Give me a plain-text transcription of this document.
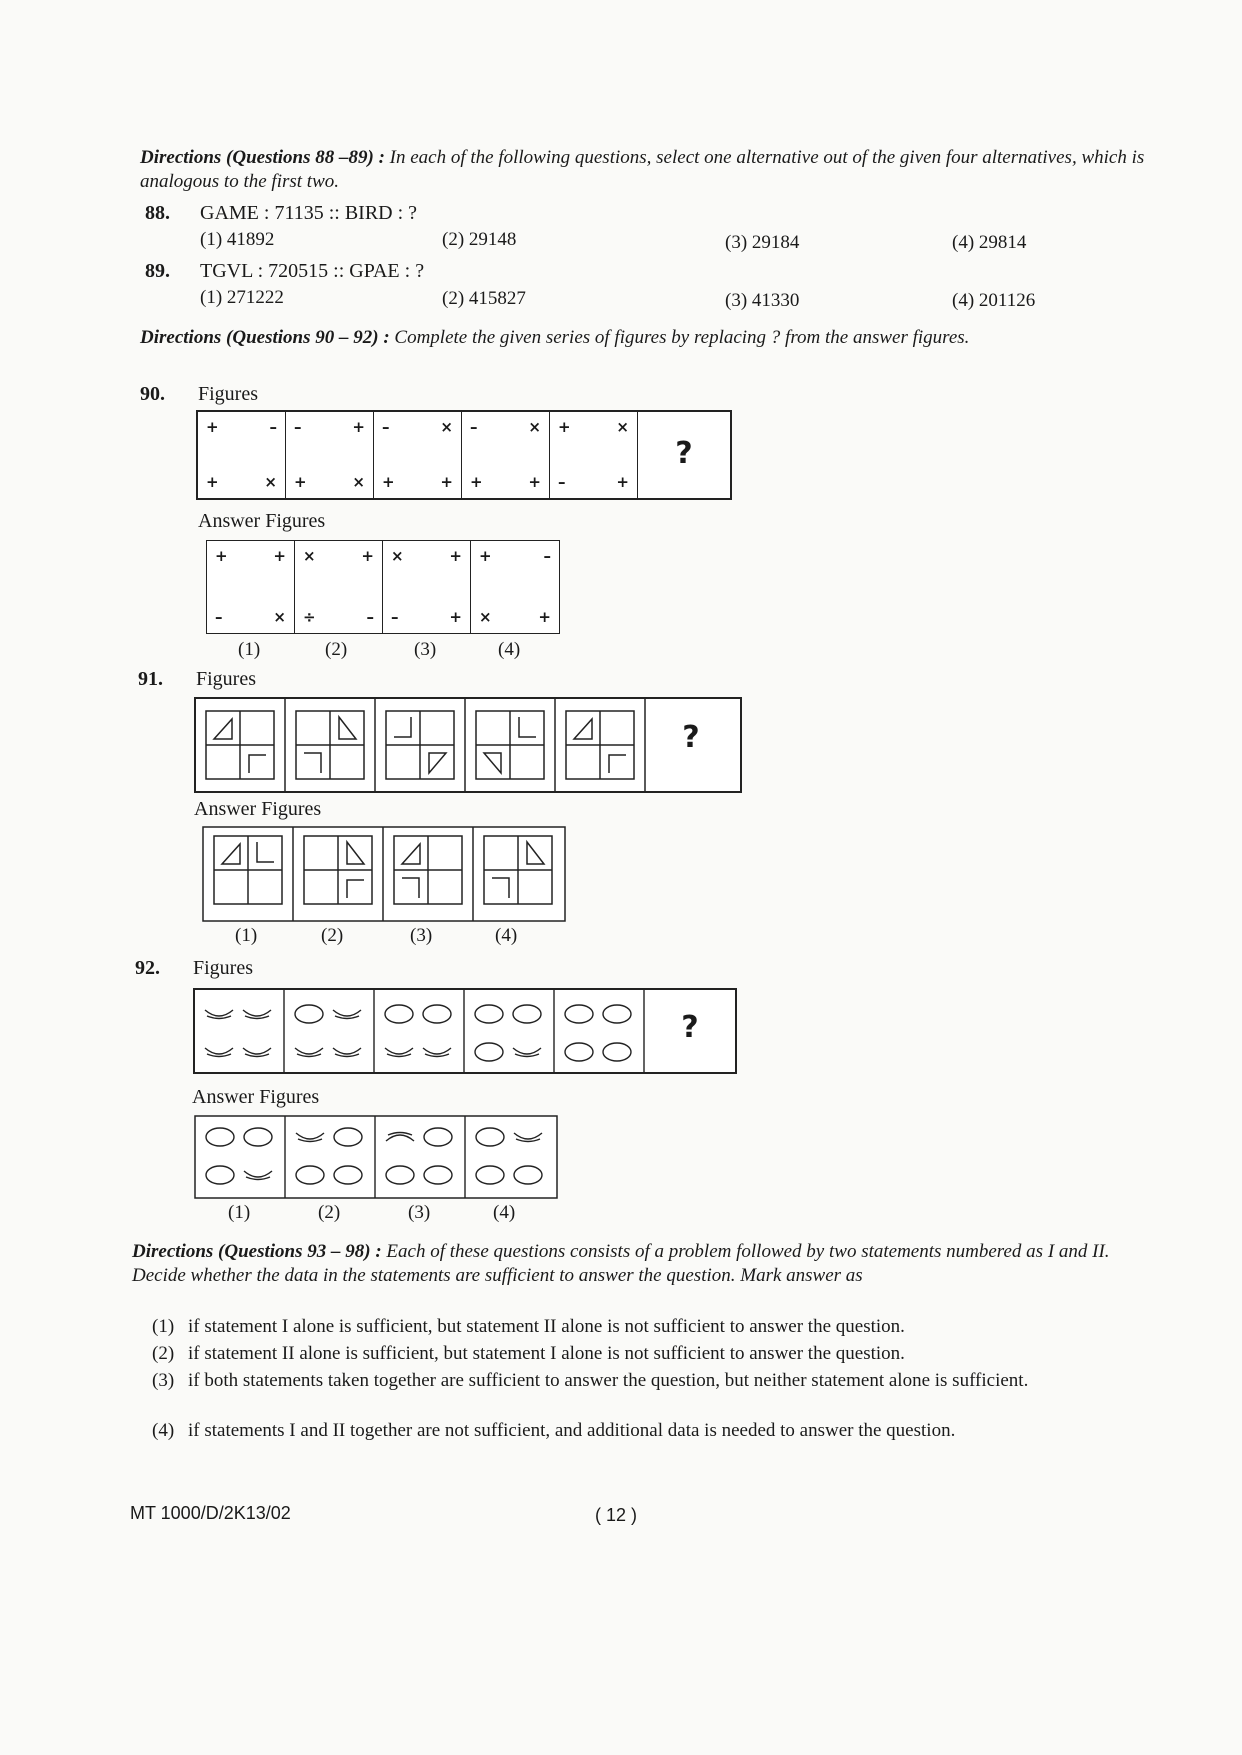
Directions (Questions 88 –89) : In each of the following questions, select one alternative out of the given four alternatives, which is analogous to the first two.
88. GAME : 71135 :: BIRD : ?
(1) 41892	(2) 29148	(3) 29184	(4) 29814
89. TGVL : 720515 :: GPAE : ?
(1) 271222	(2) 415827	(3) 41330	(4) 201126
Directions (Questions 90 – 92) : Complete the given series of figures by replacing ? from the answer figures.
90. Figures
+	–
+	×
–	+
+	×
–	×
+	+
–	×
+	+
+	×
–	+
?
Answer Figures
+	+
–	×
×	+
÷	–
×	+
–	+
+	–
×	+
(1)	(2)	(3)	(4)
91. Figures
?
Answer Figures
(1)	(2)	(3)	(4)
92. Figures
?
Answer Figures
(1)	(2)	(3)	(4)
Directions (Questions 93 – 98) : Each of these questions consists of a problem followed by two statements numbered as I and II. Decide whether the data in the statements are sufficient to answer the question. Mark answer as
(1) if statement I alone is sufficient, but statement II alone is not sufficient to answer the question.
(2) if statement II alone is sufficient, but statement I alone is not sufficient to answer the question.
(3) if both statements taken together are sufficient to answer the question, but neither statement alone is sufficient.
(4) if statements I and II together are not sufficient, and additional data is needed to answer the question.
MT 1000/D/2K13/02	( 12 )
